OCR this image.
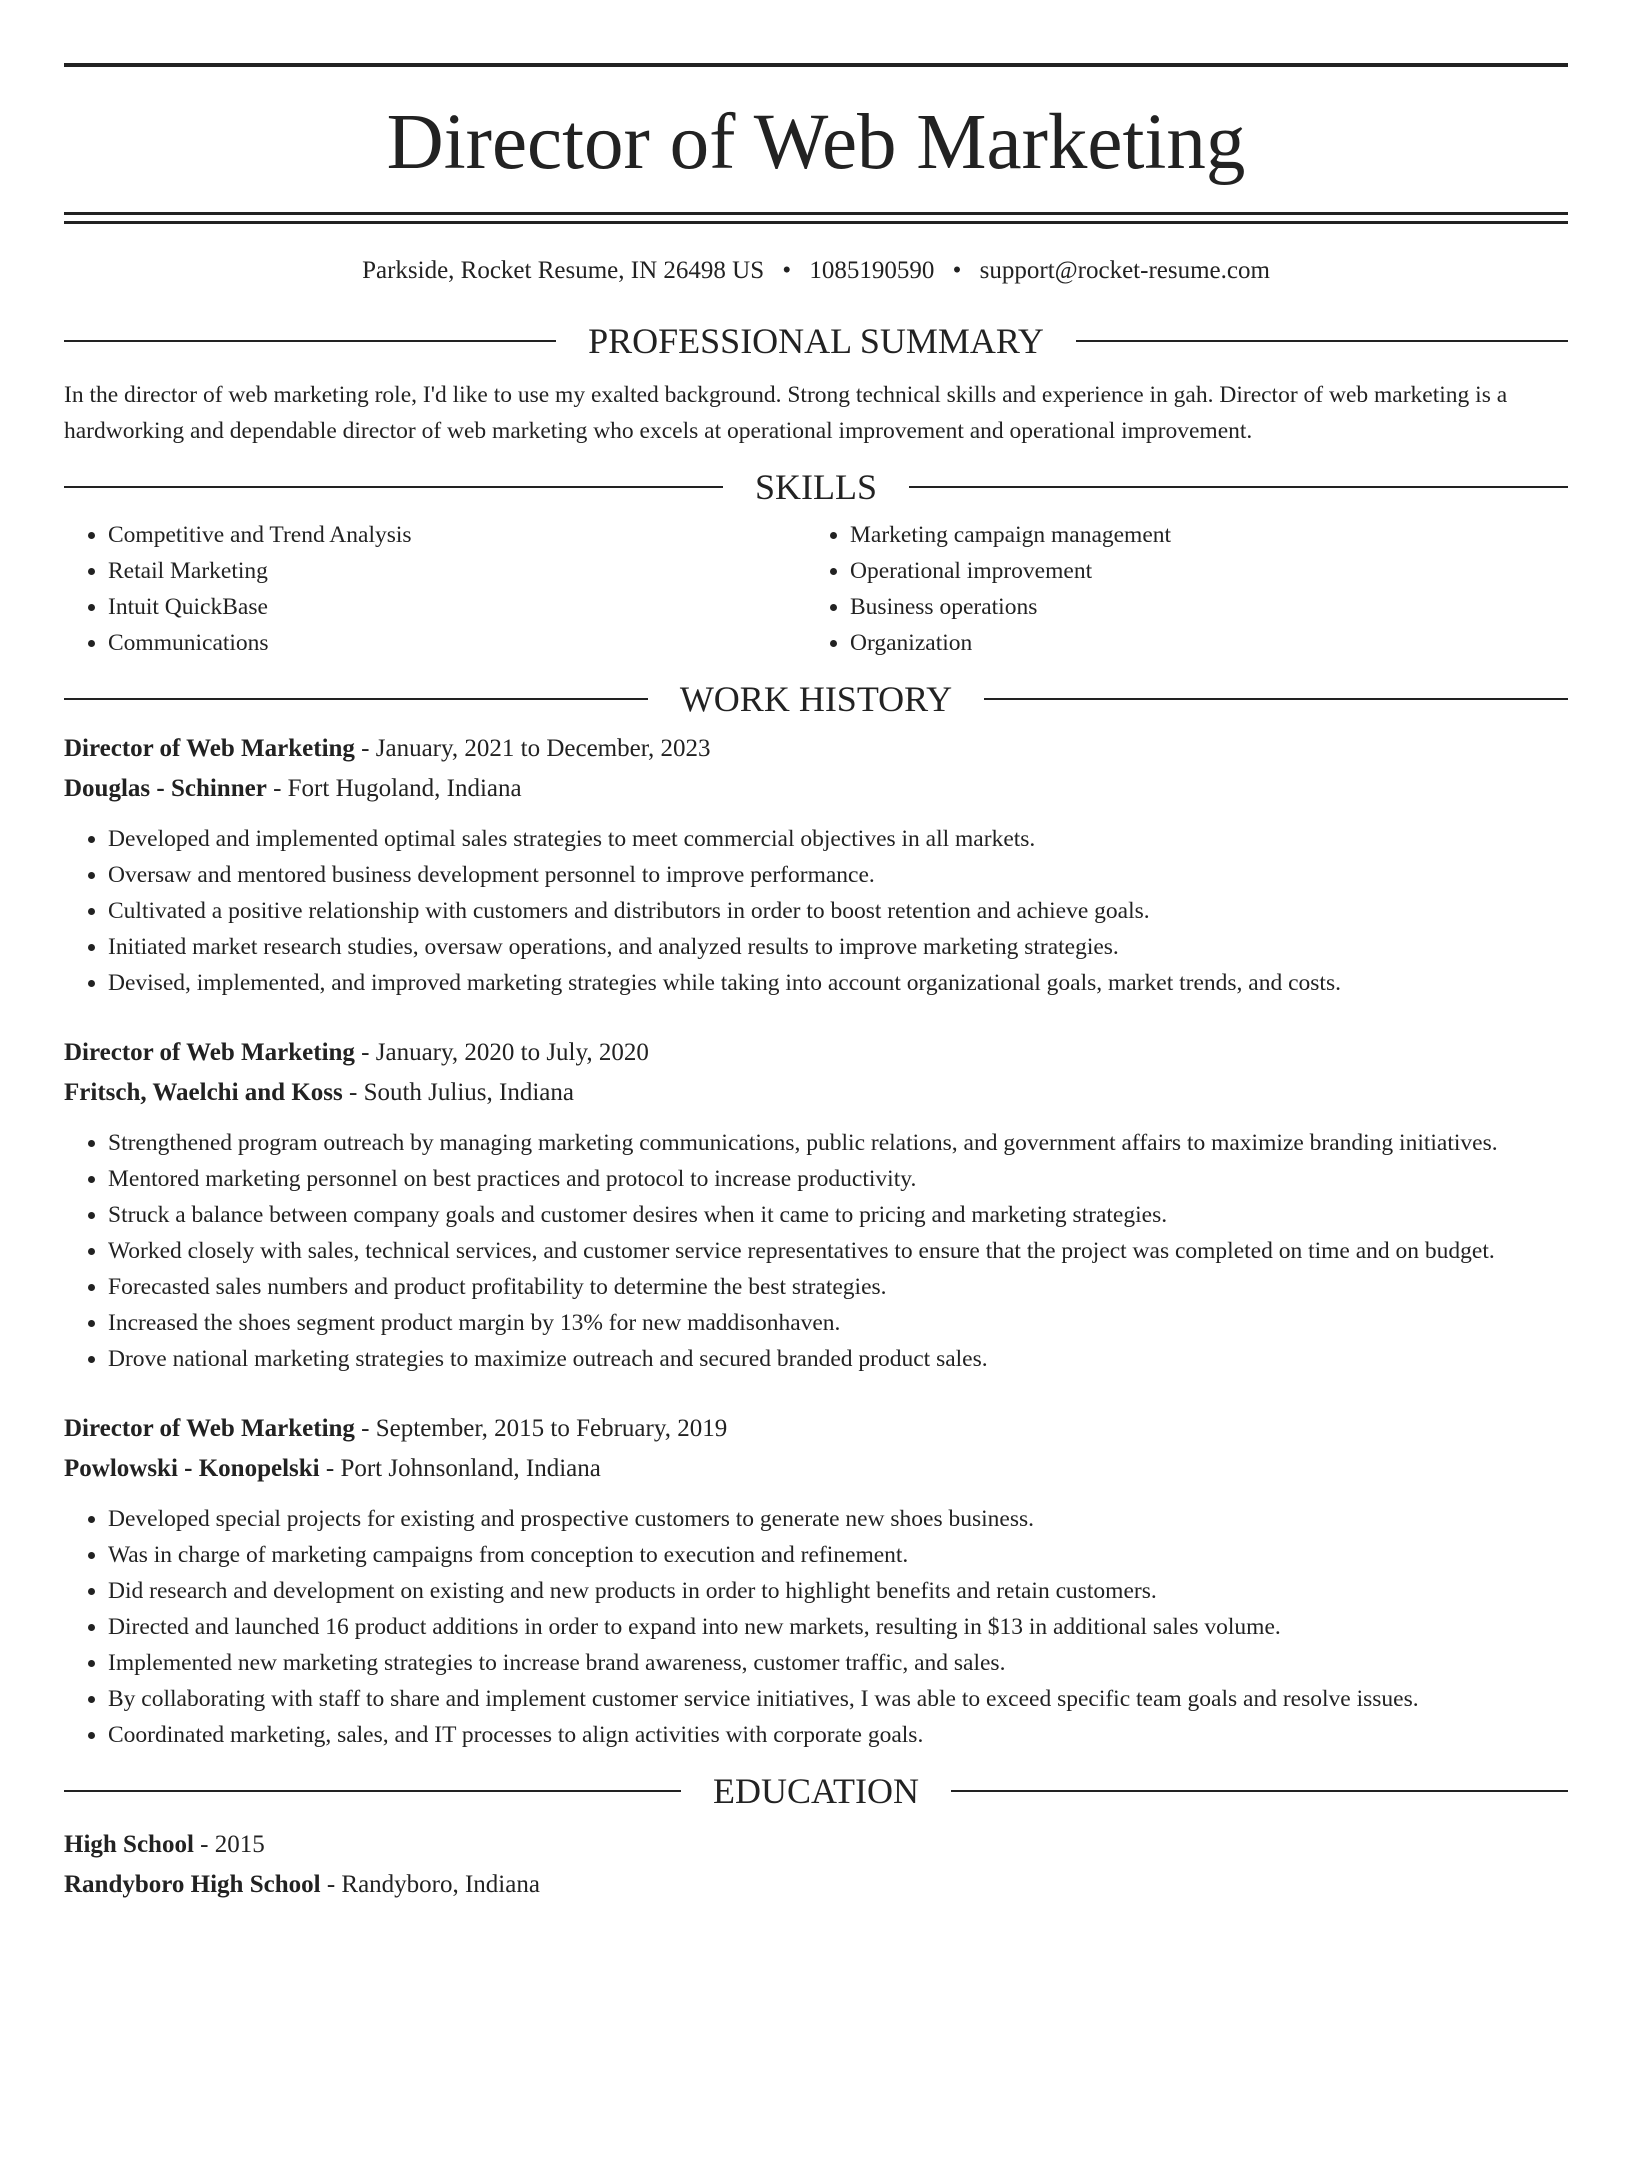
Director of Web Marketing
Parkside, Rocket Resume, IN 26498 US • 1085190590 • support@rocket-resume.com
PROFESSIONAL SUMMARY

In the director of web marketing role, I'd like to use my exalted background. Strong technical skills and experience in gah. Director of web marketing is a hardworking and dependable director of web marketing who excels at operational improvement and operational improvement.

SKILLS
• Competitive and Trend Analysis
• Retail Marketing
• Intuit QuickBase
• Communications
• Marketing campaign management
• Operational improvement
• Business operations
• Organization
WORK HISTORY
Director of Web Marketing - January, 2021 to December, 2023
Douglas - Schinner - Fort Hugoland, Indiana
• Developed and implemented optimal sales strategies to meet commercial objectives in all markets.
• Oversaw and mentored business development personnel to improve performance.
• Cultivated a positive relationship with customers and distributors in order to boost retention and achieve goals.
• Initiated market research studies, oversaw operations, and analyzed results to improve marketing strategies.
• Devised, implemented, and improved marketing strategies while taking into account organizational goals, market trends, and costs.
Director of Web Marketing - January, 2020 to July, 2020
Fritsch, Waelchi and Koss - South Julius, Indiana
• Strengthened program outreach by managing marketing communications, public relations, and government affairs to maximize branding initiatives.
• Mentored marketing personnel on best practices and protocol to increase productivity.
• Struck a balance between company goals and customer desires when it came to pricing and marketing strategies.
• Worked closely with sales, technical services, and customer service representatives to ensure that the project was completed on time and on budget.
• Forecasted sales numbers and product profitability to determine the best strategies.
• Increased the shoes segment product margin by 13% for new maddisonhaven.
• Drove national marketing strategies to maximize outreach and secured branded product sales.
Director of Web Marketing - September, 2015 to February, 2019
Powlowski - Konopelski - Port Johnsonland, Indiana
• Developed special projects for existing and prospective customers to generate new shoes business.
• Was in charge of marketing campaigns from conception to execution and refinement.
• Did research and development on existing and new products in order to highlight benefits and retain customers.
• Directed and launched 16 product additions in order to expand into new markets, resulting in $13 in additional sales volume.
• Implemented new marketing strategies to increase brand awareness, customer traffic, and sales.
• By collaborating with staff to share and implement customer service initiatives, I was able to exceed specific team goals and resolve issues.
• Coordinated marketing, sales, and IT processes to align activities with corporate goals.
EDUCATION
High School - 2015
Randyboro High School - Randyboro, Indiana
